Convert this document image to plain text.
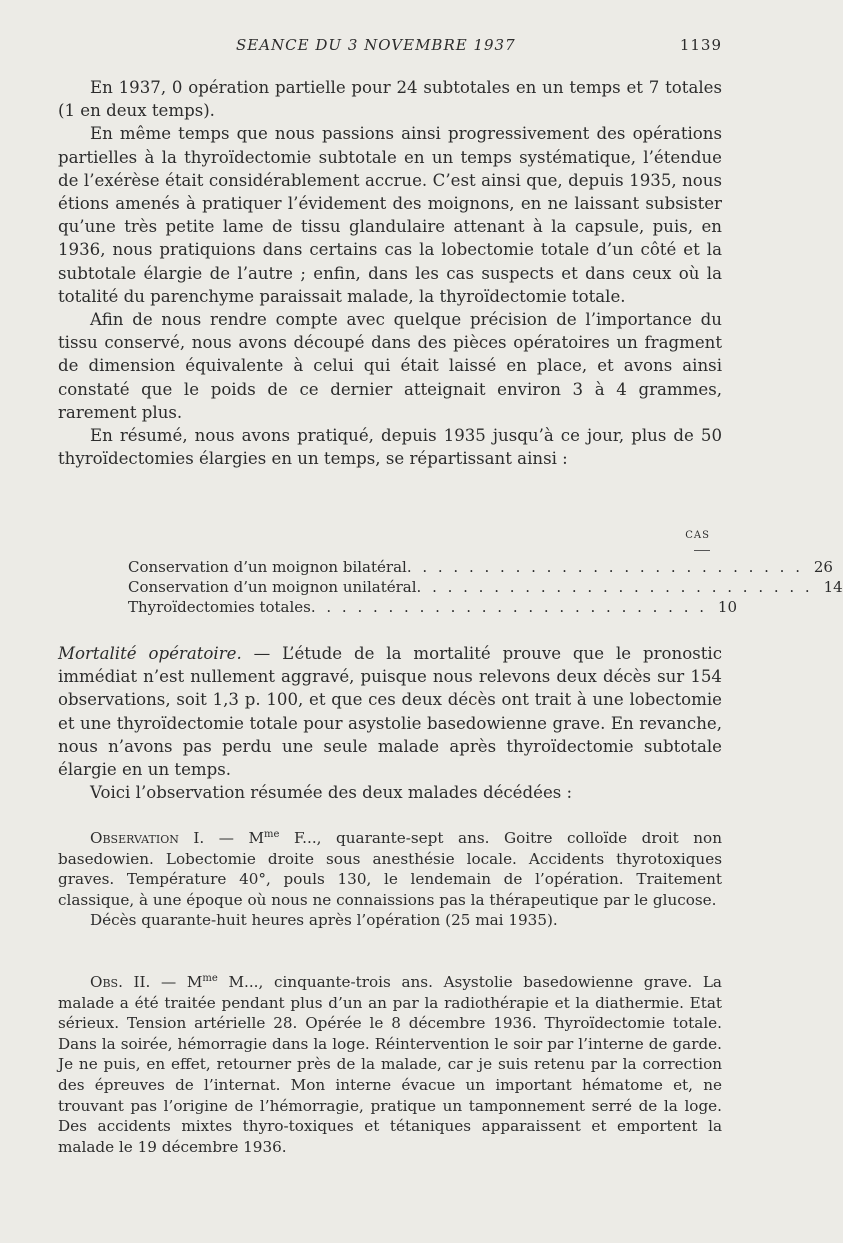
SEANCE DU 3 NOVEMBRE 1937	1139

En 1937, 0 opération partielle pour 24 subtotales en un temps et 7 totales (1 en deux temps).

En même temps que nous passions ainsi progressivement des opérations partielles à la thyroïdectomie subtotale en un temps systématique, l’étendue de l’exérèse était considérablement accrue. C’est ainsi que, depuis 1935, nous étions amenés à pratiquer l’évidement des moignons, en ne laissant subsister qu’une très petite lame de tissu glandulaire attenant à la capsule, puis, en 1936, nous pratiquions dans certains cas la lobectomie totale d’un côté et la subtotale élargie de l’autre ; enfin, dans les cas suspects et dans ceux où la totalité du parenchyme paraissait malade, la thyroïdectomie totale.

Afin de nous rendre compte avec quelque précision de l’importance du tissu conservé, nous avons découpé dans des pièces opératoires un fragment de dimension équivalente à celui qui était laissé en place, et avons ainsi constaté que le poids de ce dernier atteignait environ 3 à 4 grammes, rarement plus.

En résumé, nous avons pratiqué, depuis 1935 jusqu’à ce jour, plus de 50 thyroïdectomies élargies en un temps, se répartissant ainsi :

CAS
Conservation d’un moignon bilatéral . . . . . . . . . . . . . . . . . . . . . . . . . . 26
Conservation d’un moignon unilatéral . . . . . . . . . . . . . . . . . . . . . . . . . . 14
Thyroïdectomies totales . . . . . . . . . . . . . . . . . . . . . . . . . . 10

Mortalité opératoire. — L’étude de la mortalité prouve que le pronostic immédiat n’est nullement aggravé, puisque nous relevons deux décès sur 154 observations, soit 1,3 p. 100, et que ces deux décès ont trait à une lobectomie et une thyroïdectomie totale pour asystolie basedowienne grave. En revanche, nous n’avons pas perdu une seule malade après thyroïdectomie subtotale élargie en un temps.

Voici l’observation résumée des deux malades décédées :

Observation I. — $M^{me}$ F..., quarante-sept ans. Goitre colloïde droit non basedowien. Lobectomie droite sous anesthésie locale. Accidents thyrotoxiques graves. Température 40°, pouls 130, le lendemain de l’opération. Traitement classique, à une époque où nous ne connaissions pas la thérapeutique par le glucose.

Décès quarante-huit heures après l’opération (25 mai 1935).

Obs. II. — $M^{me}$ M..., cinquante-trois ans. Asystolie basedowienne grave. La malade a été traitée pendant plus d’un an par la radiothérapie et la diathermie. Etat sérieux. Tension artérielle 28. Opérée le 8 décembre 1936. Thyroïdectomie totale. Dans la soirée, hémorragie dans la loge. Réintervention le soir par l’interne de garde. Je ne puis, en effet, retourner près de la malade, car je suis retenu par la correction des épreuves de l’internat. Mon interne évacue un important hématome et, ne trouvant pas l’origine de l’hémorragie, pratique un tamponnement serré de la loge. Des accidents mixtes thyro-toxiques et tétaniques apparaissent et emportent la malade le 19 décembre 1936.
